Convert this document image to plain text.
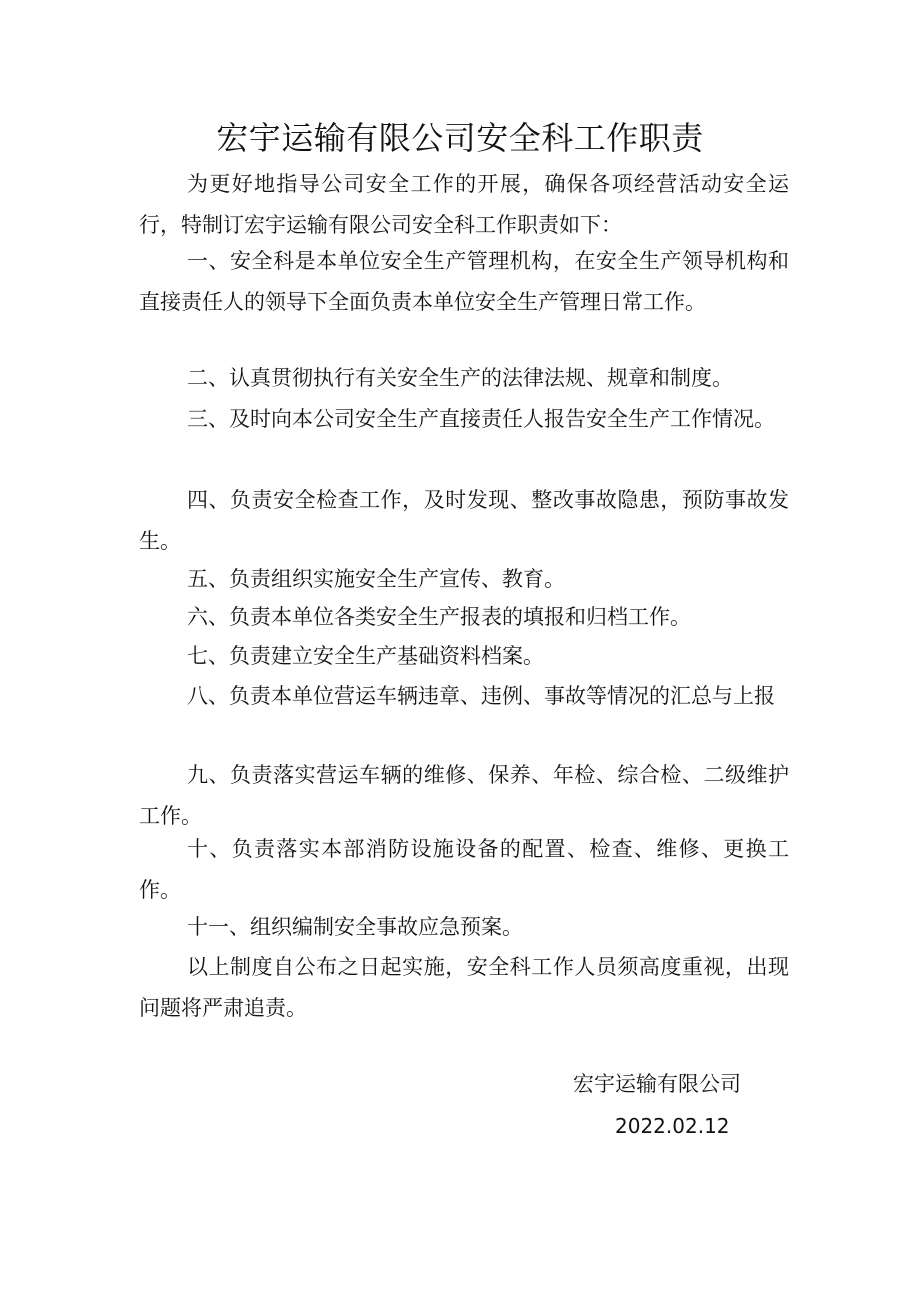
宏宇运输有限公司安全科工作职责

为更好地指导公司安全工作的开展，确保各项经营活动安全运行，特制订宏宇运输有限公司安全科工作职责如下：

一、安全科是本单位安全生产管理机构，在安全生产领导机构和直接责任人的领导下全面负责本单位安全生产管理日常工作。

二、认真贯彻执行有关安全生产的法律法规、规章和制度。

三、及时向本公司安全生产直接责任人报告安全生产工作情况。

四、负责安全检查工作，及时发现、整改事故隐患，预防事故发生。

五、负责组织实施安全生产宣传、教育。

六、负责本单位各类安全生产报表的填报和归档工作。

七、负责建立安全生产基础资料档案。

八、负责本单位营运车辆违章、违例、事故等情况的汇总与上报

九、负责落实营运车辆的维修、保养、年检、综合检、二级维护工作。

十、负责落实本部消防设施设备的配置、检查、维修、更换工作。

十一、组织编制安全事故应急预案。

以上制度自公布之日起实施，安全科工作人员须高度重视，出现问题将严肃追责。

宏宇运输有限公司

2022.02.12
